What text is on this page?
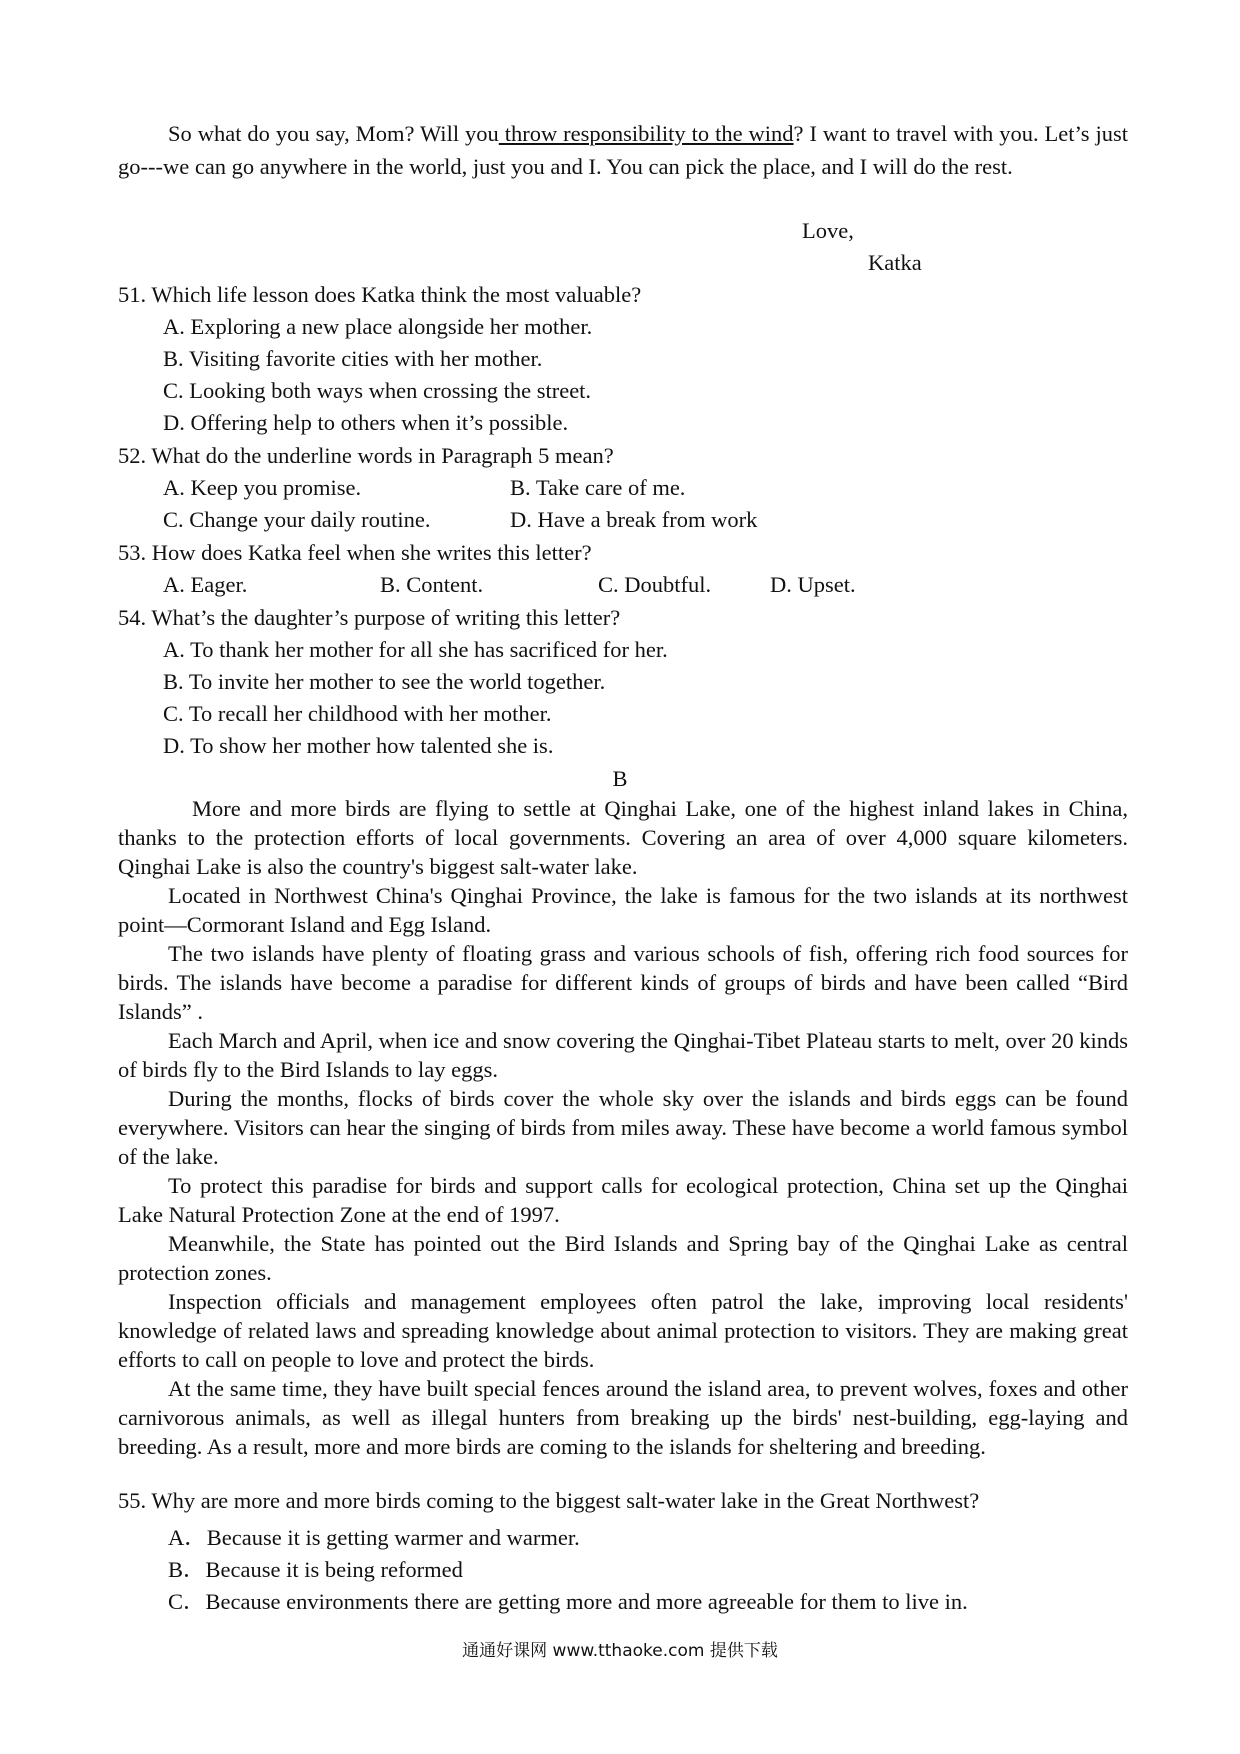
So what do you say, Mom? Will you throw responsibility to the wind? I want to travel with you. Let’s just go---we can go anywhere in the world, just you and I. You can pick the place, and I will do the rest.

Love,

Katka

51. Which life lesson does Katka think the most valuable?

A. Exploring a new place alongside her mother.

B. Visiting favorite cities with her mother.

C. Looking both ways when crossing the street.

D. Offering help to others when it’s possible.

52. What do the underline words in Paragraph 5 mean?

A. Keep you promise.	B. Take care of me.

C. Change your daily routine.	D. Have a break from work

53. How does Katka feel when she writes this letter?

A. Eager.	B. Content.	C. Doubtful.	D. Upset.

54. What’s the daughter’s purpose of writing this letter?

A. To thank her mother for all she has sacrificed for her.

B. To invite her mother to see the world together.

C. To recall her childhood with her mother.

D. To show her mother how talented she is.

B

More and more birds are flying to settle at Qinghai Lake, one of the highest inland lakes in China, thanks to the protection efforts of local governments. Covering an area of over 4,000 square kilometers. Qinghai Lake is also the country's biggest salt-water lake.

Located in Northwest China's Qinghai Province, the lake is famous for the two islands at its northwest point—Cormorant Island and Egg Island.

The two islands have plenty of floating grass and various schools of fish, offering rich food sources for birds. The islands have become a paradise for different kinds of groups of birds and have been called “Bird Islands” .

Each March and April, when ice and snow covering the Qinghai-Tibet Plateau starts to melt, over 20 kinds of birds fly to the Bird Islands to lay eggs.

During the months, flocks of birds cover the whole sky over the islands and birds eggs can be found everywhere. Visitors can hear the singing of birds from miles away. These have become a world famous symbol of the lake.

To protect this paradise for birds and support calls for ecological protection, China set up the Qinghai Lake Natural Protection Zone at the end of 1997.

Meanwhile, the State has pointed out the Bird Islands and Spring bay of the Qinghai Lake as central protection zones.

Inspection officials and management employees often patrol the lake, improving local residents' knowledge of related laws and spreading knowledge about animal protection to visitors. They are making great efforts to call on people to love and protect the birds.

At the same time, they have built special fences around the island area, to prevent wolves, foxes and other carnivorous animals, as well as illegal hunters from breaking up the birds' nest-building, egg-laying and breeding. As a result, more and more birds are coming to the islands for sheltering and breeding.

55. Why are more and more birds coming to the biggest salt-water lake in the Great Northwest?

A．Because it is getting warmer and warmer.

B．Because it is being reformed

C．Because environments there are getting more and more agreeable for them to live in.

通通好课网 www.tthaoke.com 提供下载
